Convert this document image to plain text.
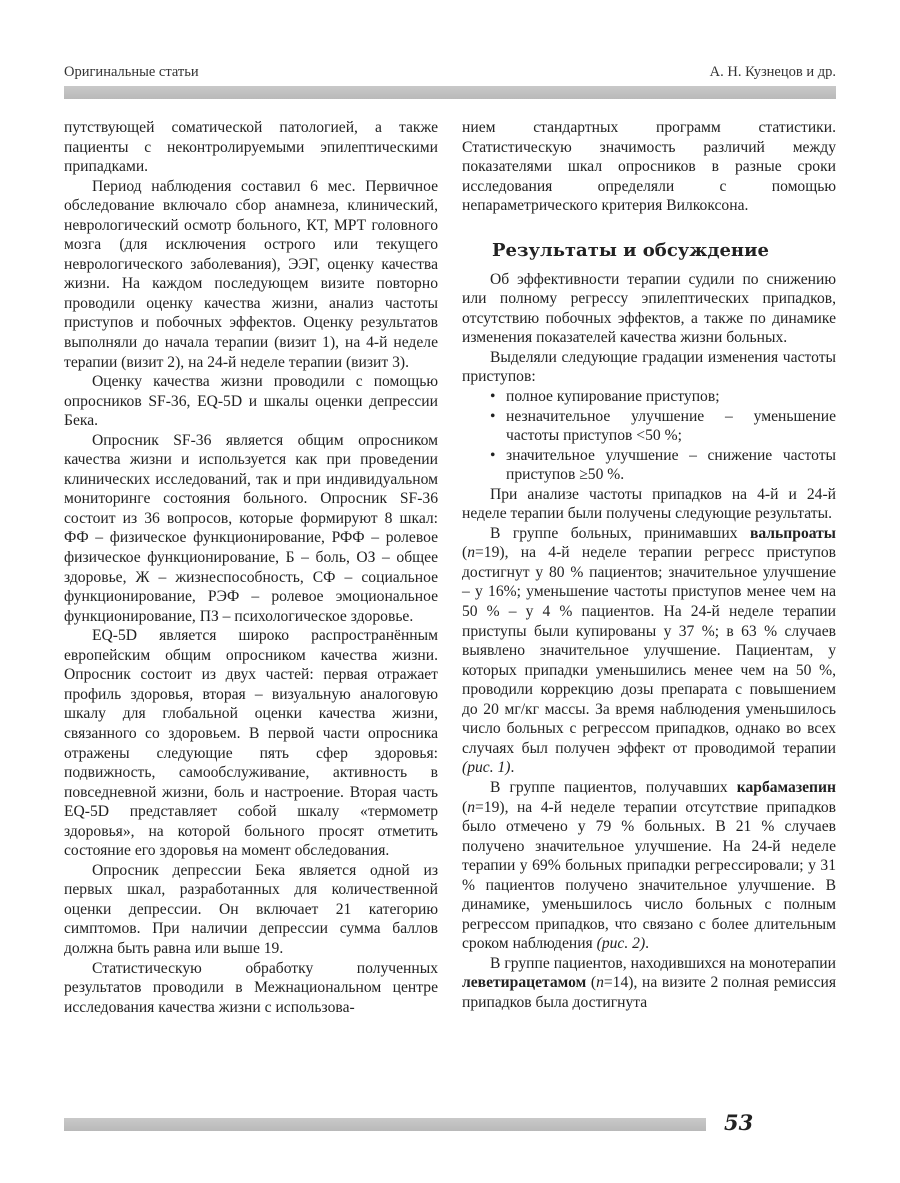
Оригинальные статьи	А. Н. Кузнецов и др.

путствующей соматической патологией, а также пациенты с неконтролируемыми эпилептическими припадками.

Период наблюдения составил 6 мес. Первичное обследование включало сбор анамнеза, клинический, неврологический осмотр больного, КТ, МРТ головного мозга (для исключения острого или текущего неврологического заболевания), ЭЭГ, оценку качества жизни. На каждом последующем визите повторно проводили оценку качества жизни, анализ частоты приступов и побочных эффектов. Оценку результатов выполняли до начала терапии (визит 1), на 4-й неделе терапии (визит 2), на 24-й неделе терапии (визит 3).

Оценку качества жизни проводили с помощью опросников SF-36, EQ-5D и шкалы оценки депрессии Бека.

Опросник SF-36 является общим опросником качества жизни и используется как при проведении клинических исследований, так и при индивидуальном мониторинге состояния больного. Опросник SF-36 состоит из 36 вопросов, которые формируют 8 шкал: ФФ – физическое функционирование, РФФ – ролевое физическое функционирование, Б – боль, ОЗ – общее здоровье, Ж – жизнеспособность, СФ – социальное функционирование, РЭФ – ролевое эмоциональное функционирование, ПЗ – психологическое здоровье.

EQ-5D является широко распространённым европейским общим опросником качества жизни. Опросник состоит из двух частей: первая отражает профиль здоровья, вторая – визуальную аналоговую шкалу для глобальной оценки качества жизни, связанного со здоровьем. В первой части опросника отражены следующие пять сфер здоровья: подвижность, самообслуживание, активность в повседневной жизни, боль и настроение. Вторая часть EQ-5D представляет собой шкалу «термометр здоровья», на которой больного просят отметить состояние его здоровья на момент обследования.

Опросник депрессии Бека является одной из первых шкал, разработанных для количественной оценки депрессии. Он включает 21 категорию симптомов. При наличии депрессии сумма баллов должна быть равна или выше 19.

Статистическую обработку полученных результатов проводили в Межнациональном центре исследования качества жизни с использова-

нием стандартных программ статистики. Статистическую значимость различий между показателями шкал опросников в разные сроки исследования определяли с помощью непараметрического критерия Вилкоксона.

Результаты и обсуждение

Об эффективности терапии судили по снижению или полному регрессу эпилептических припадков, отсутствию побочных эффектов, а также по динамике изменения показателей качества жизни больных.

Выделяли следующие градации изменения частоты приступов:

• полное купирование приступов;
• незначительное улучшение – уменьшение частоты приступов <50 %;
• значительное улучшение – снижение частоты приступов ≥50 %.

При анализе частоты припадков на 4-й и 24-й неделе терапии были получены следующие результаты.

В группе больных, принимавших вальпроаты (n=19), на 4-й неделе терапии регресс приступов достигнут у 80 % пациентов; значительное улучшение – у 16%; уменьшение частоты приступов менее чем на 50 % – у 4 % пациентов. На 24-й неделе терапии приступы были купированы у 37 %; в 63 % случаев выявлено значительное улучшение. Пациентам, у которых припадки уменьшились менее чем на 50 %, проводили коррекцию дозы препарата с повышением до 20 мг/кг массы. За время наблюдения уменьшилось число больных с регрессом припадков, однако во всех случаях был получен эффект от проводимой терапии (рис. 1).

В группе пациентов, получавших карбамазепин (n=19), на 4-й неделе терапии отсутствие припадков было отмечено у 79 % больных. В 21 % случаев получено значительное улучшение. На 24-й неделе терапии у 69% больных припадки регрессировали; у 31 % пациентов получено значительное улучшение. В динамике, уменьшилось число больных с полным регрессом припадков, что связано с более длительным сроком наблюдения (рис. 2).

В группе пациентов, находившихся на монотерапии леветирацетамом (n=14), на визите 2 полная ремиссия припадков была достигнута

53
